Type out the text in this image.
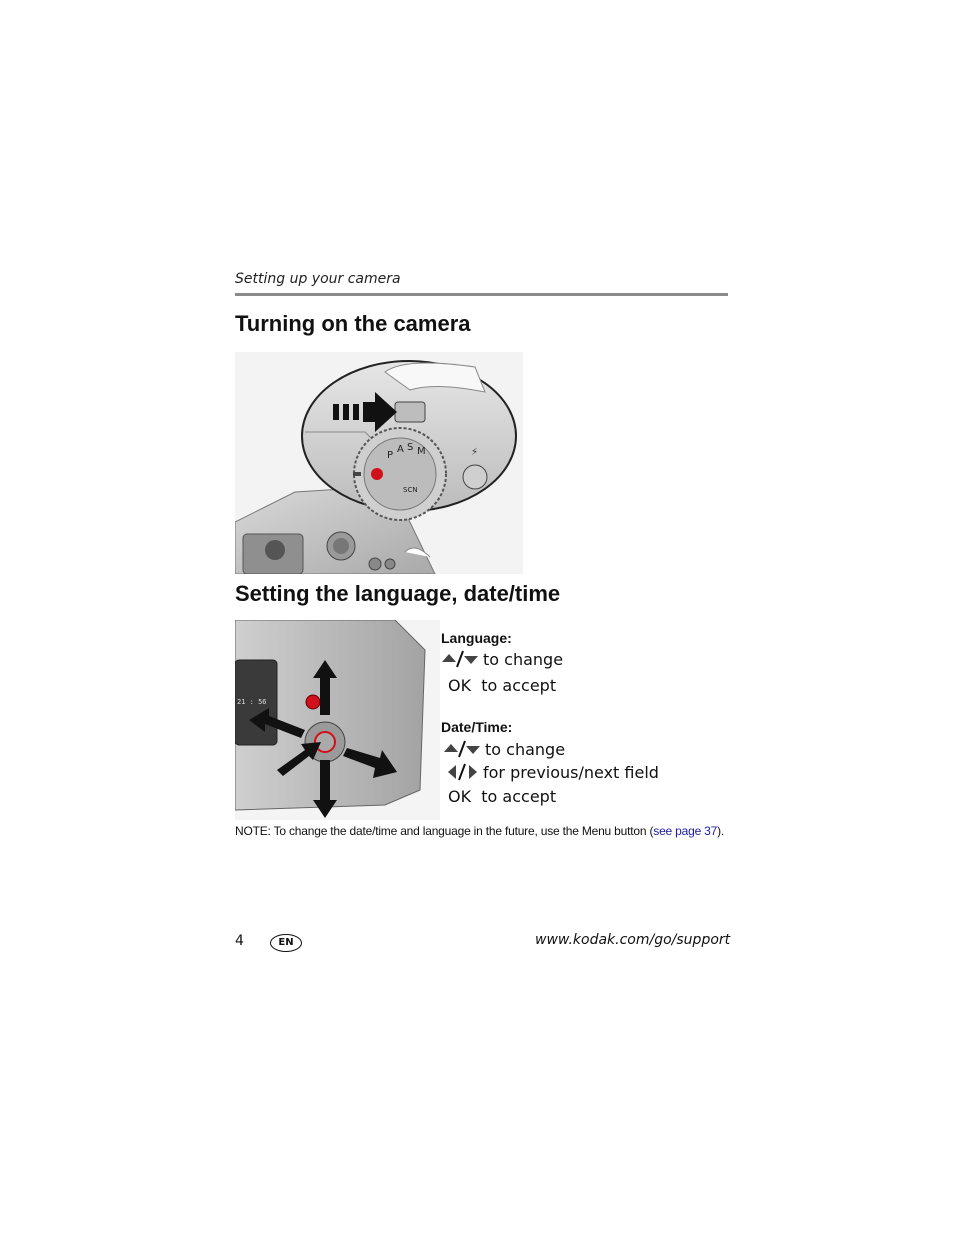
Setting up your camera
Turning on the camera
P
A S M
SCN
⚡
Setting the language, date/time
21 : 56
Language:
to change
OK to accept
Date/Time:
to change
for previous/next field
OK to accept
NOTE: To change the date/time and language in the future, use the Menu button (see page 37).
4	EN	www.kodak.com/go/support
